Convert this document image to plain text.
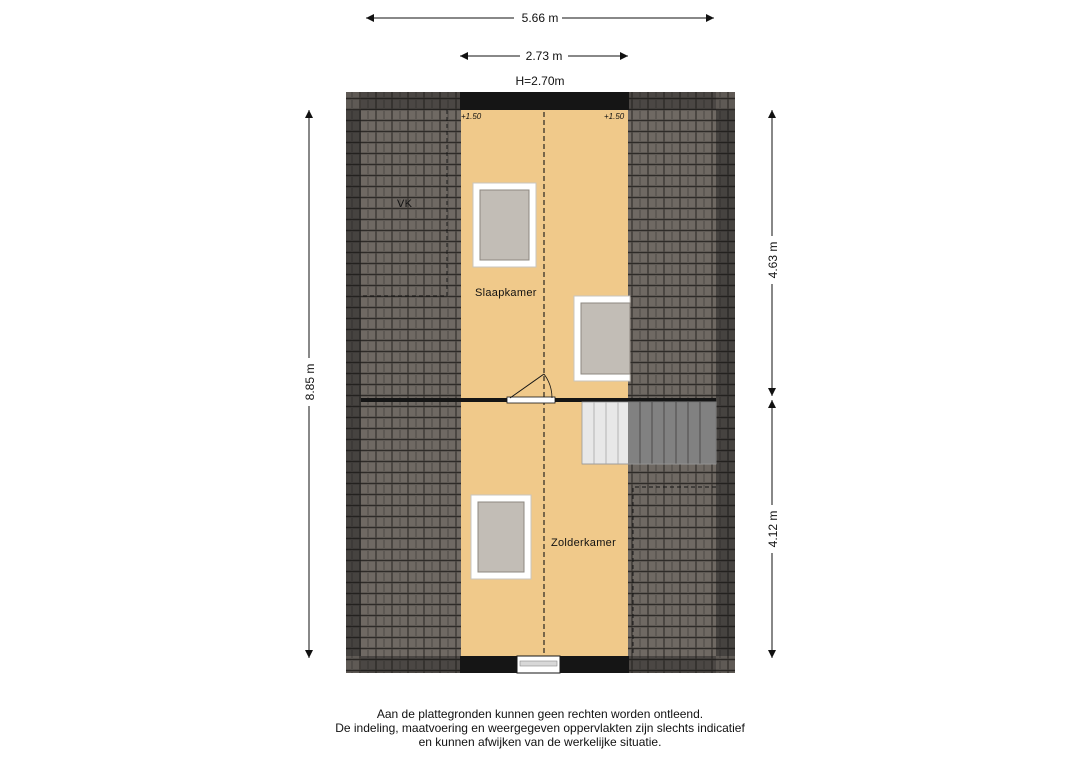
5.66 m
2.73 m
H=2.70m
8.85 m
4.63 m
4.12 m
VK
+1.50	+1.50
Slaapkamer
Zolderkamer
Aan de plattegronden kunnen geen rechten worden ontleend.
De indeling, maatvoering en weergegeven oppervlakten zijn slechts indicatief
en kunnen afwijken van de werkelijke situatie.
